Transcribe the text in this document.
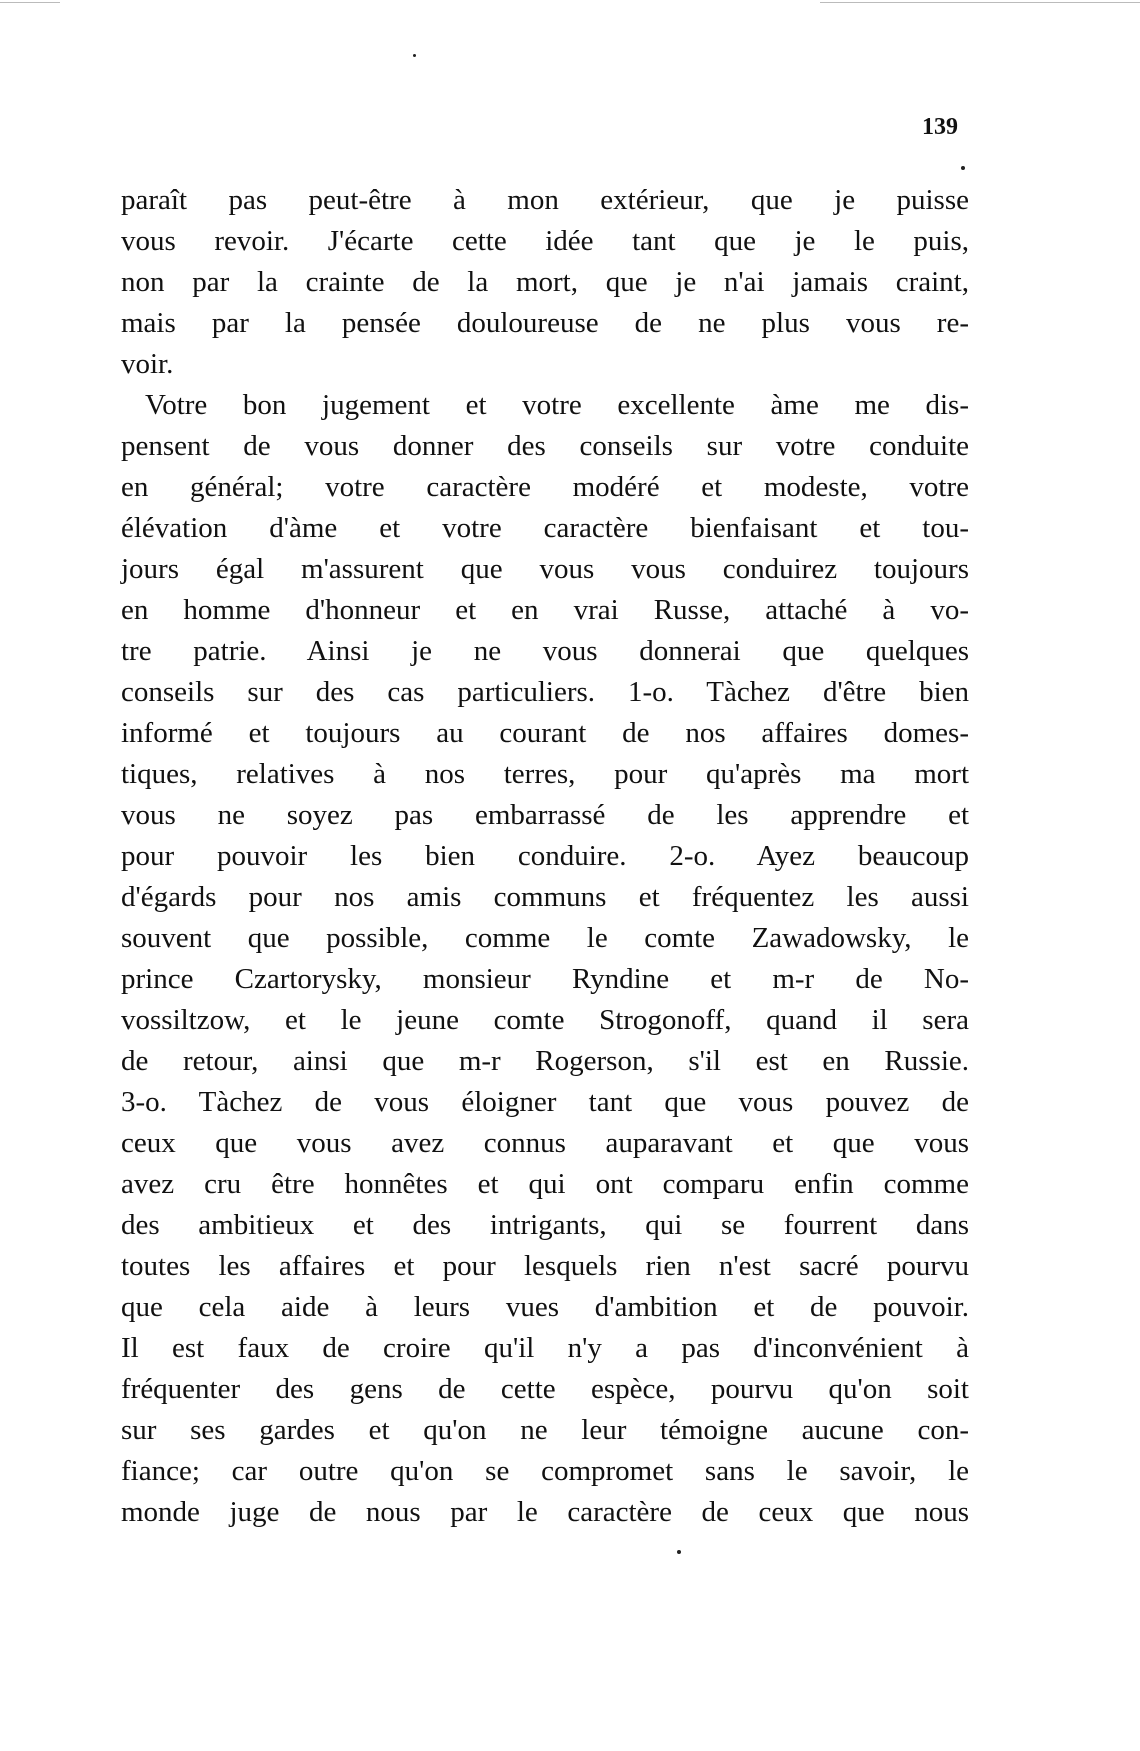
139
paraît pas peut-être à mon extérieur, que je puisse
vous revoir. J'écarte cette idée tant que je le puis,
non par la crainte de la mort, que je n'ai jamais craint,
mais par la pensée douloureuse de ne plus vous re-
voir.
Votre bon jugement et votre excellente àme me dis-
pensent de vous donner des conseils sur votre conduite
en général; votre caractère modéré et modeste, votre
élévation d'àme et votre caractère bienfaisant et tou-
jours égal m'assurent que vous vous conduirez toujours
en homme d'honneur et en vrai Russe, attaché à vo-
tre patrie. Ainsi je ne vous donnerai que quelques
conseils sur des cas particuliers. 1-o. Tàchez d'être bien
informé et toujours au courant de nos affaires domes-
tiques, relatives à nos terres, pour qu'après ma mort
vous ne soyez pas embarrassé de les apprendre et
pour pouvoir les bien conduire. 2-o. Ayez beaucoup
d'égards pour nos amis communs et fréquentez les aussi
souvent que possible, comme le comte Zawadowsky, le
prince Czartorysky, monsieur Ryndine et m-r de No-
vossiltzow, et le jeune comte Strogonoff, quand il sera
de retour, ainsi que m-r Rogerson, s'il est en Russie.
3-o. Tàchez de vous éloigner tant que vous pouvez de
ceux que vous avez connus auparavant et que vous
avez cru être honnêtes et qui ont comparu enfin comme
des ambitieux et des intrigants, qui se fourrent dans
toutes les affaires et pour lesquels rien n'est sacré pourvu
que cela aide à leurs vues d'ambition et de pouvoir.
Il est faux de croire qu'il n'y a pas d'inconvénient à
fréquenter des gens de cette espèce, pourvu qu'on soit
sur ses gardes et qu'on ne leur témoigne aucune con-
fiance; car outre qu'on se compromet sans le savoir, le
monde juge de nous par le caractère de ceux que nous
